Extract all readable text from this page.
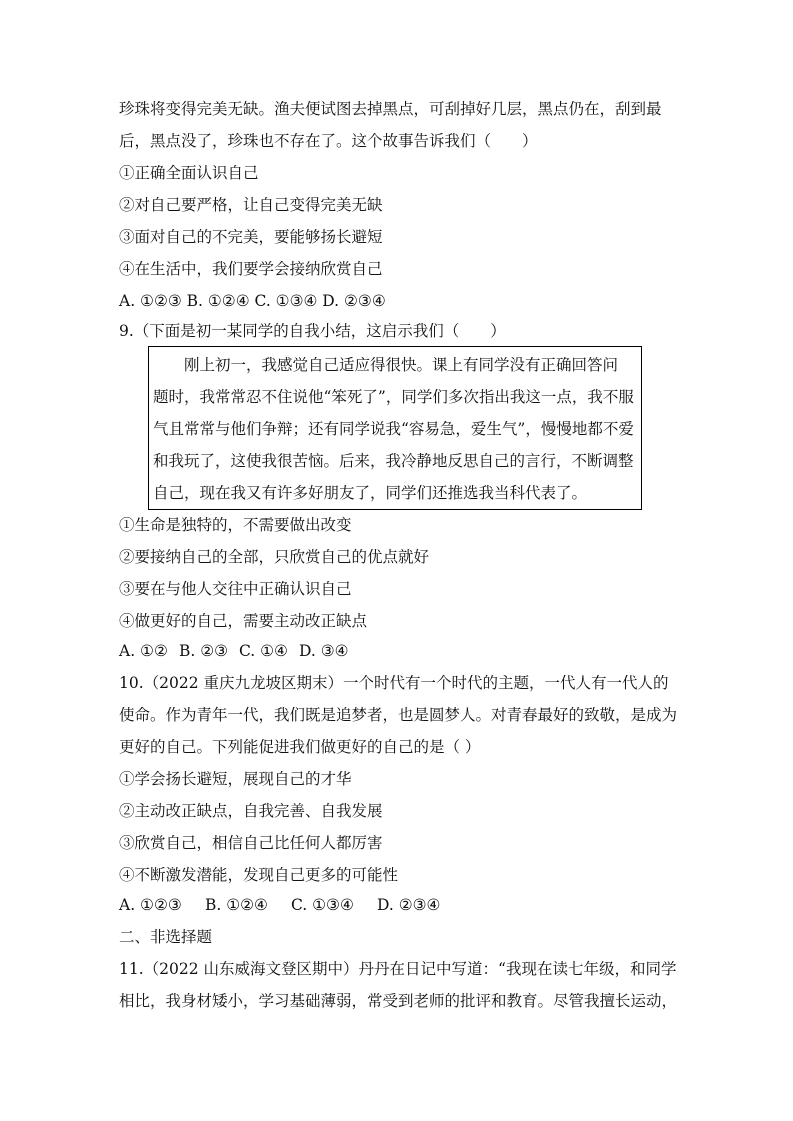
珍珠将变得完美无缺。渔夫便试图去掉黑点，可刮掉好几层，黑点仍在，刮到最
后，黑点没了，珍珠也不存在了。这个故事告诉我们（　　）
①正确全面认识自己
②对自己要严格，让自己变得完美无缺
③面对自己的不完美，要能够扬长避短
④在生活中，我们要学会接纳欣赏自己
A. ①②③ B. ①②④ C. ①③④ D. ②③④
9.（下面是初一某同学的自我小结，这启示我们（　　）
　　刚上初一，我感觉自己适应得很快。课上有同学没有正确回答问
题时，我常常忍不住说他“笨死了”，同学们多次指出我这一点，我不服
气且常常与他们争辩；还有同学说我“容易急，爱生气”，慢慢地都不爱
和我玩了，这使我很苦恼。后来，我冷静地反思自己的言行，不断调整
自己，现在我又有许多好朋友了，同学们还推选我当科代表了。
①生命是独特的，不需要做出改变
②要接纳自己的全部，只欣赏自己的优点就好
③要在与他人交往中正确认识自己
④做更好的自己，需要主动改正缺点
A. ①② B. ②③ C. ①④ D. ③④
10.（2022 重庆九龙坡区期末）一个时代有一个时代的主题，一代人有一代人的
使命。作为青年一代，我们既是追梦者，也是圆梦人。对青春最好的致敬，是成为
更好的自己。下列能促进我们做更好的自己的是（ ）
①学会扬长避短，展现自己的才华
②主动改正缺点，自我完善、自我发展
③欣赏自己，相信自己比任何人都厉害
④不断激发潜能，发现自己更多的可能性
A. ①②③ B. ①②④ C. ①③④ D. ②③④
二、非选择题
11.（2022 山东威海文登区期中）丹丹在日记中写道：“我现在读七年级，和同学
相比，我身材矮小，学习基础薄弱，常受到老师的批评和教育。尽管我擅长运动，
